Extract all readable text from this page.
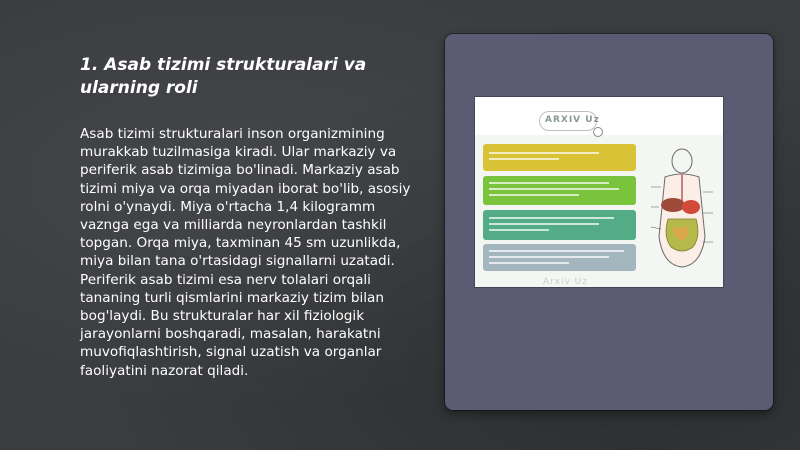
1. Asab tizimi strukturalari va ularning roli

Asab tizimi strukturalari inson organizmining murakkab tuzilmasiga kiradi. Ular markaziy va periferik asab tizimiga bo'linadi. Markaziy asab tizimi miya va orqa miyadan iborat bo'lib, asosiy rolni o'ynaydi. Miya o'rtacha 1,4 kilogramm vaznga ega va milliarda neyronlardan tashkil topgan. Orqa miya, taxminan 45 sm uzunlikda, miya bilan tana o'rtasidagi signallarni uzatadi. Periferik asab tizimi esa nerv tolalari orqali tananing turli qismlarini markaziy tizim bilan bog'laydi. Bu strukturalar har xil fiziologik jarayonlarni boshqaradi, masalan, harakatni muvofiqlashtirish, signal uzatish va organlar faoliyatini nazorat qiladi.

ARXIV Uz
Arxiv Uz
